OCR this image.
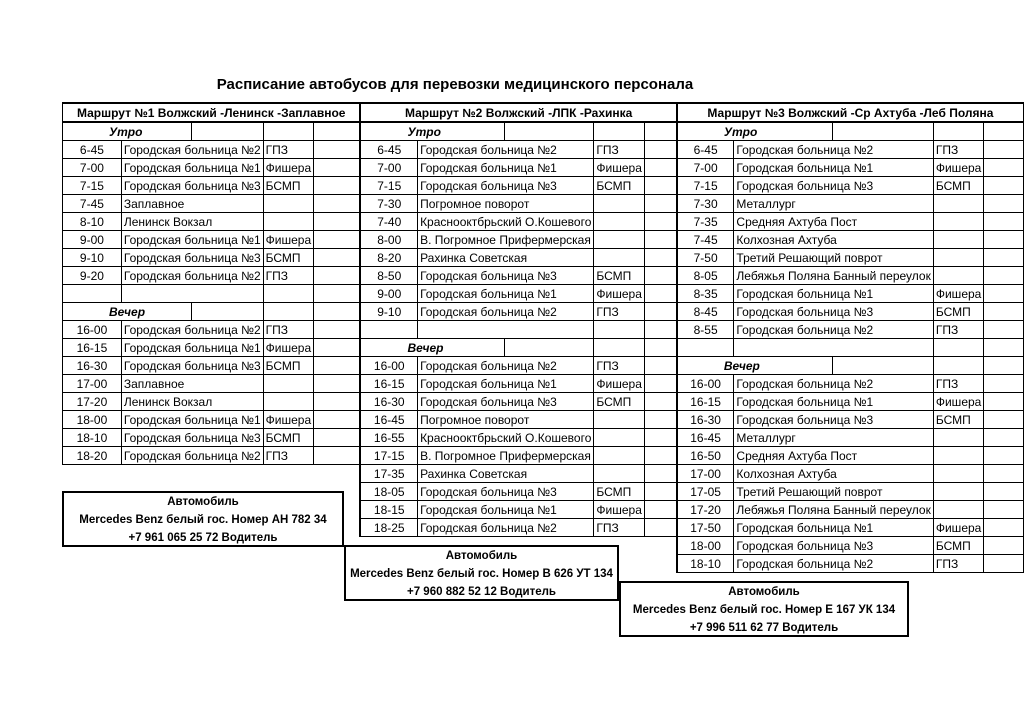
Расписание автобусов для перевозки медицинского персонала
Маршрут №1 Волжский -Ленинск -Заплавное					Маршрут №2 Волжский -ЛПК -Рахинка					Маршрут №3 Волжский -Ср Ахтуба -Леб Поляна				
Утро					Утро					Утро				
6-45	Городская больница №2		ГПЗ		6-45	Городская больница №2		ГПЗ		6-45	Городская больница №2		ГПЗ	
7-00	Городская больница №1		Фишера		7-00	Городская больница №1		Фишера		7-00	Городская больница №1		Фишера	
7-15	Городская больница №3		БСМП		7-15	Городская больница №3		БСМП		7-15	Городская больница №3		БСМП	
7-45	Заплавное				7-30	Погромное поворот				7-30	Металлург			
8-10	Ленинск Вокзал				7-40	Краснооктбрьский О.Кошевого				7-35	Средняя Ахтуба Пост			
9-00	Городская больница №1		Фишера		8-00	В. Погромное Прифермерская				7-45	Колхозная Ахтуба			
9-10	Городская больница №3		БСМП		8-20	Рахинка Советская				7-50	Третий Решающий поврот			
9-20	Городская больница №2		ГПЗ		8-50	Городская больница №3		БСМП		8-05	Лебяжья Поляна Банный переулок			
					9-00	Городская больница №1		Фишера		8-35	Городская больница №1		Фишера	
Вечер					9-10	Городская больница №2		ГПЗ		8-45	Городская больница №3		БСМП	
16-00	Городская больница №2		ГПЗ							8-55	Городская больница №2		ГПЗ	
16-15	Городская больница №1		Фишера		Вечер									
16-30	Городская больница №3		БСМП		16-00	Городская больница №2		ГПЗ		Вечер				
17-00	Заплавное				16-15	Городская больница №1		Фишера		16-00	Городская больница №2		ГПЗ	
17-20	Ленинск Вокзал				16-30	Городская больница №3		БСМП		16-15	Городская больница №1		Фишера	
18-00	Городская больница №1		Фишера		16-45	Погромное поворот				16-30	Городская больница №3		БСМП	
18-10	Городская больница №3		БСМП		16-55	Краснооктбрьский О.Кошевого				16-45	Металлург			
18-20	Городская больница №2		ГПЗ		17-15	В. Погромное Прифермерская				16-50	Средняя Ахтуба Пост			
					17-35	Рахинка Советская				17-00	Колхозная Ахтуба			
					18-05	Городская больница №3		БСМП		17-05	Третий Решающий поврот			
					18-15	Городская больница №1		Фишера		17-20	Лебяжья Поляна Банный переулок			
					18-25	Городская больница №2		ГПЗ		17-50	Городская больница №1		Фишера	
										18-00	Городская больница №3		БСМП	
										18-10	Городская больница №2		ГПЗ	
Автомобиль
Mercedes Benz белый гос. Номер АН 782 34
+7 961 065 25 72 Водитель
Автомобиль
Mercedes Benz белый гос. Номер В 626 УТ 134
+7 960 882 52 12 Водитель	Автомобиль
Mercedes Benz белый гос. Номер Е 167 УК 134
+7 996 511 62 77 Водитель
